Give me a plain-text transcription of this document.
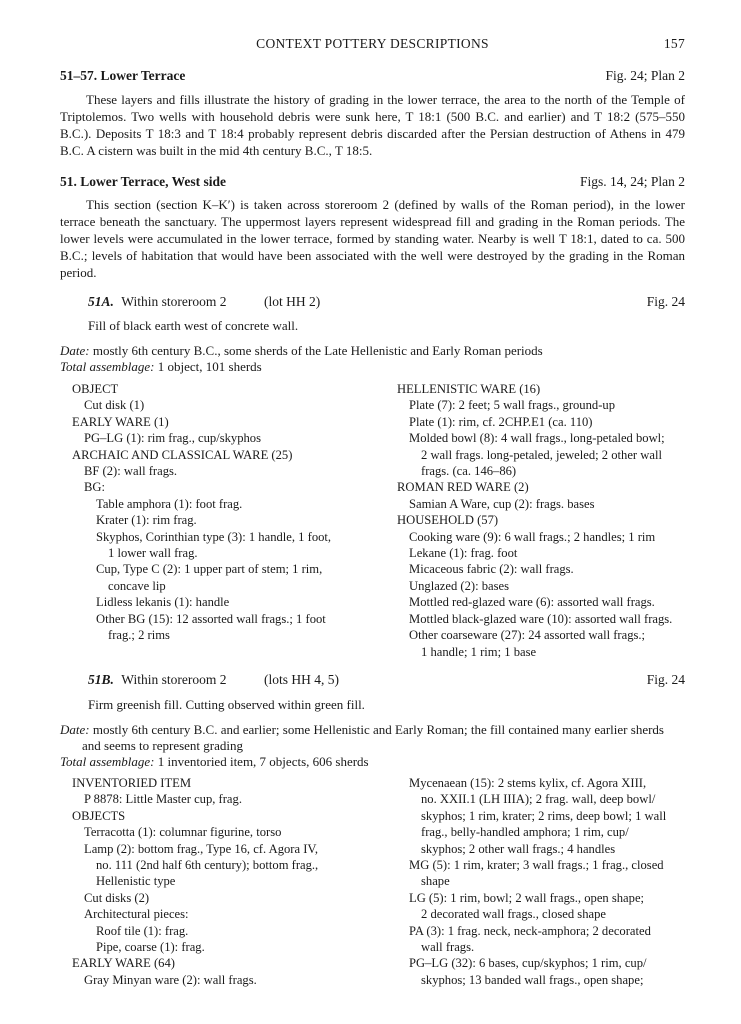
CONTEXT POTTERY DESCRIPTIONS	157
51–57. Lower Terrace	Fig. 24; Plan 2

These layers and fills illustrate the history of grading in the lower terrace, the area to the north of the Temple of Triptolemos. Two wells with household debris were sunk here, T 18:1 (500 B.C. and earlier) and T 18:2 (575–550 B.C.). Deposits T 18:3 and T 18:4 probably represent debris discarded after the Persian destruction of Athens in 479 B.C. A cistern was built in the mid 4th century B.C., T 18:5.

51. Lower Terrace, West side	Figs. 14, 24; Plan 2

This section (section K–K′) is taken across storeroom 2 (defined by walls of the Roman period), in the lower terrace beneath the sanctuary. The uppermost layers represent widespread fill and grading in the Roman periods. The lower levels were accumulated in the lower terrace, formed by standing water. Nearby is well T 18:1, dated to ca. 500 B.C.; levels of habitation that would have been associated with the well were destroyed by the grading in the Roman period.

51A. Within storeroom 2	(lot HH 2)	Fig. 24
Fill of black earth west of concrete wall.
Date: mostly 6th century B.C., some sherds of the Late Hellenistic and Early Roman periods
Total assemblage: 1 object, 101 sherds
OBJECT
Cut disk (1)
EARLY WARE (1)
PG–LG (1): rim frag., cup/skyphos
ARCHAIC AND CLASSICAL WARE (25)
BF (2): wall frags.
BG:
Table amphora (1): foot frag.
Krater (1): rim frag.
Skyphos, Corinthian type (3): 1 handle, 1 foot,
1 lower wall frag.
Cup, Type C (2): 1 upper part of stem; 1 rim,
concave lip
Lidless lekanis (1): handle
Other BG (15): 12 assorted wall frags.; 1 foot
frag.; 2 rims
HELLENISTIC WARE (16)
Plate (7): 2 feet; 5 wall frags., ground-up
Plate (1): rim, cf. 2CHP.E1 (ca. 110)
Molded bowl (8): 4 wall frags., long-petaled bowl;
2 wall frags. long-petaled, jeweled; 2 other wall
frags. (ca. 146–86)
ROMAN RED WARE (2)
Samian A Ware, cup (2): frags. bases
HOUSEHOLD (57)
Cooking ware (9): 6 wall frags.; 2 handles; 1 rim
Lekane (1): frag. foot
Micaceous fabric (2): wall frags.
Unglazed (2): bases
Mottled red-glazed ware (6): assorted wall frags.
Mottled black-glazed ware (10): assorted wall frags.
Other coarseware (27): 24 assorted wall frags.;
1 handle; 1 rim; 1 base
51B. Within storeroom 2	(lots HH 4, 5)	Fig. 24
Firm greenish fill. Cutting observed within green fill.
Date: mostly 6th century B.C. and earlier; some Hellenistic and Early Roman; the fill contained many earlier sherds
and seems to represent grading
Total assemblage: 1 inventoried item, 7 objects, 606 sherds
INVENTORIED ITEM
P 8878: Little Master cup, frag.
OBJECTS
Terracotta (1): columnar figurine, torso
Lamp (2): bottom frag., Type 16, cf. Agora IV,
no. 111 (2nd half 6th century); bottom frag.,
Hellenistic type
Cut disks (2)
Architectural pieces:
Roof tile (1): frag.
Pipe, coarse (1): frag.
EARLY WARE (64)
Gray Minyan ware (2): wall frags.
Mycenaean (15): 2 stems kylix, cf. Agora XIII,
no. XXII.1 (LH IIIA); 2 frag. wall, deep bowl/
skyphos; 1 rim, krater; 2 rims, deep bowl; 1 wall
frag., belly-handled amphora; 1 rim, cup/
skyphos; 2 other wall frags.; 4 handles
MG (5): 1 rim, krater; 3 wall frags.; 1 frag., closed
shape
LG (5): 1 rim, bowl; 2 wall frags., open shape;
2 decorated wall frags., closed shape
PA (3): 1 frag. neck, neck-amphora; 2 decorated
wall frags.
PG–LG (32): 6 bases, cup/skyphos; 1 rim, cup/
skyphos; 13 banded wall frags., open shape;
